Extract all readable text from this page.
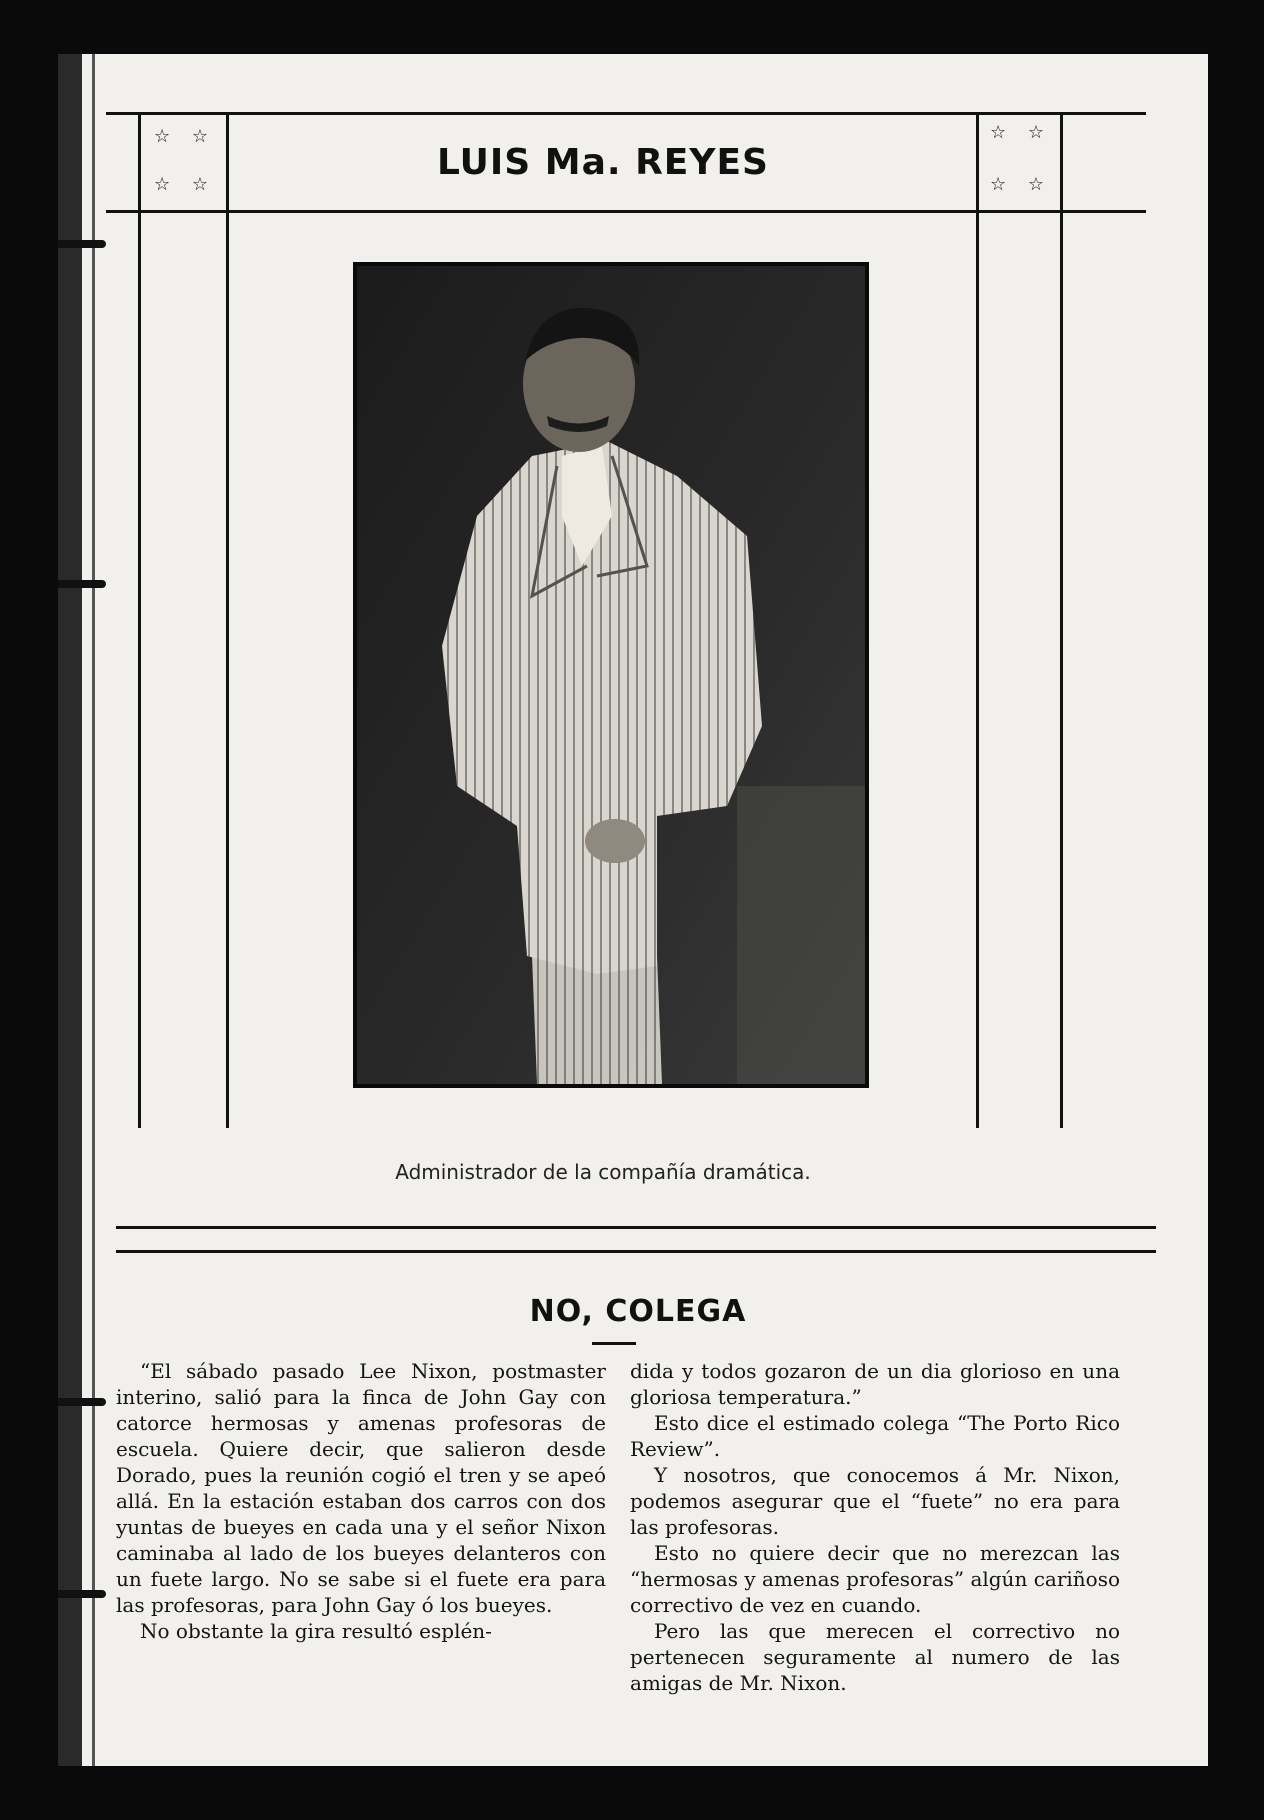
☆ ☆
☆ ☆
☆ ☆
☆ ☆
LUIS Ma. REYES
Administrador de la compañía dramática.
NO, COLEGA

“El sábado pasado Lee Nixon, postmaster interino, salió para la finca de John Gay con catorce hermosas y amenas profesoras de escuela. Quiere decir, que salieron desde Dorado, pues la reunión cogió el tren y se apeó allá. En la estación estaban dos carros con dos yuntas de bueyes en cada una y el señor Nixon caminaba al lado de los bueyes delanteros con un fuete largo. No se sabe si el fuete era para las profesoras, para John Gay ó los bueyes.

No obstante la gira resultó esplén-

dida y todos gozaron de un dia glorioso en una gloriosa temperatura.”

Esto dice el estimado colega “The Porto Rico Review”.

Y nosotros, que conocemos á Mr. Nixon, podemos asegurar que el “fuete” no era para las profesoras.

Esto no quiere decir que no merezcan las “hermosas y amenas profesoras” algún cariñoso correctivo de vez en cuando.

Pero las que merecen el correctivo no pertenecen seguramente al numero de las amigas de Mr. Nixon.
